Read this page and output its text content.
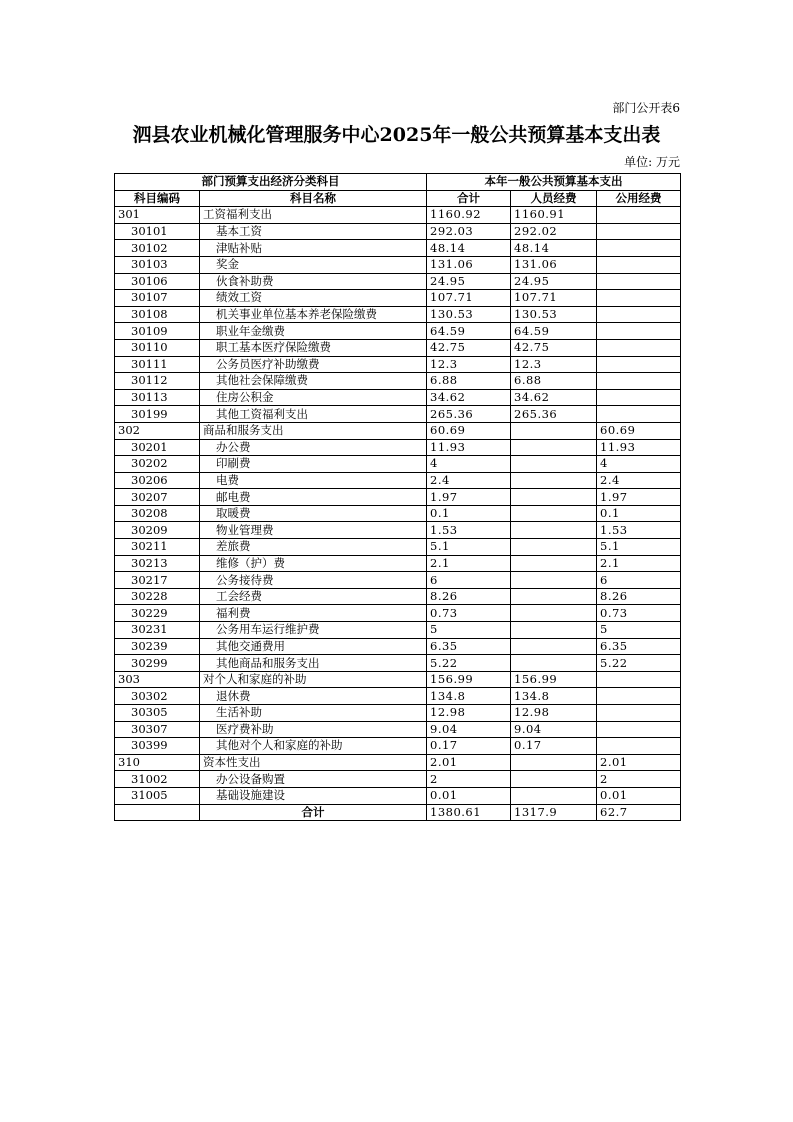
部门公开表6
泗县农业机械化管理服务中心2025年一般公共预算基本支出表
单位: 万元
部门预算支出经济分类科目		本年一般公共预算基本支出		
科目编码	科目名称	合计	人员经费	公用经费
301	工资福利支出	1160.92	1160.91	
30101	基本工资	292.03	292.02	
30102	津贴补贴	48.14	48.14	
30103	奖金	131.06	131.06	
30106	伙食补助费	24.95	24.95	
30107	绩效工资	107.71	107.71	
30108	机关事业单位基本养老保险缴费	130.53	130.53	
30109	职业年金缴费	64.59	64.59	
30110	职工基本医疗保险缴费	42.75	42.75	
30111	公务员医疗补助缴费	12.3	12.3	
30112	其他社会保障缴费	6.88	6.88	
30113	住房公积金	34.62	34.62	
30199	其他工资福利支出	265.36	265.36	
302	商品和服务支出	60.69		60.69
30201	办公费	11.93		11.93
30202	印刷费	4		4
30206	电费	2.4		2.4
30207	邮电费	1.97		1.97
30208	取暖费	0.1		0.1
30209	物业管理费	1.53		1.53
30211	差旅费	5.1		5.1
30213	维修（护）费	2.1		2.1
30217	公务接待费	6		6
30228	工会经费	8.26		8.26
30229	福利费	0.73		0.73
30231	公务用车运行维护费	5		5
30239	其他交通费用	6.35		6.35
30299	其他商品和服务支出	5.22		5.22
303	对个人和家庭的补助	156.99	156.99	
30302	退休费	134.8	134.8	
30305	生活补助	12.98	12.98	
30307	医疗费补助	9.04	9.04	
30399	其他对个人和家庭的补助	0.17	0.17	
310	资本性支出	2.01		2.01
31002	办公设备购置	2		2
31005	基础设施建设	0.01		0.01
	合计	1380.61	1317.9	62.7
